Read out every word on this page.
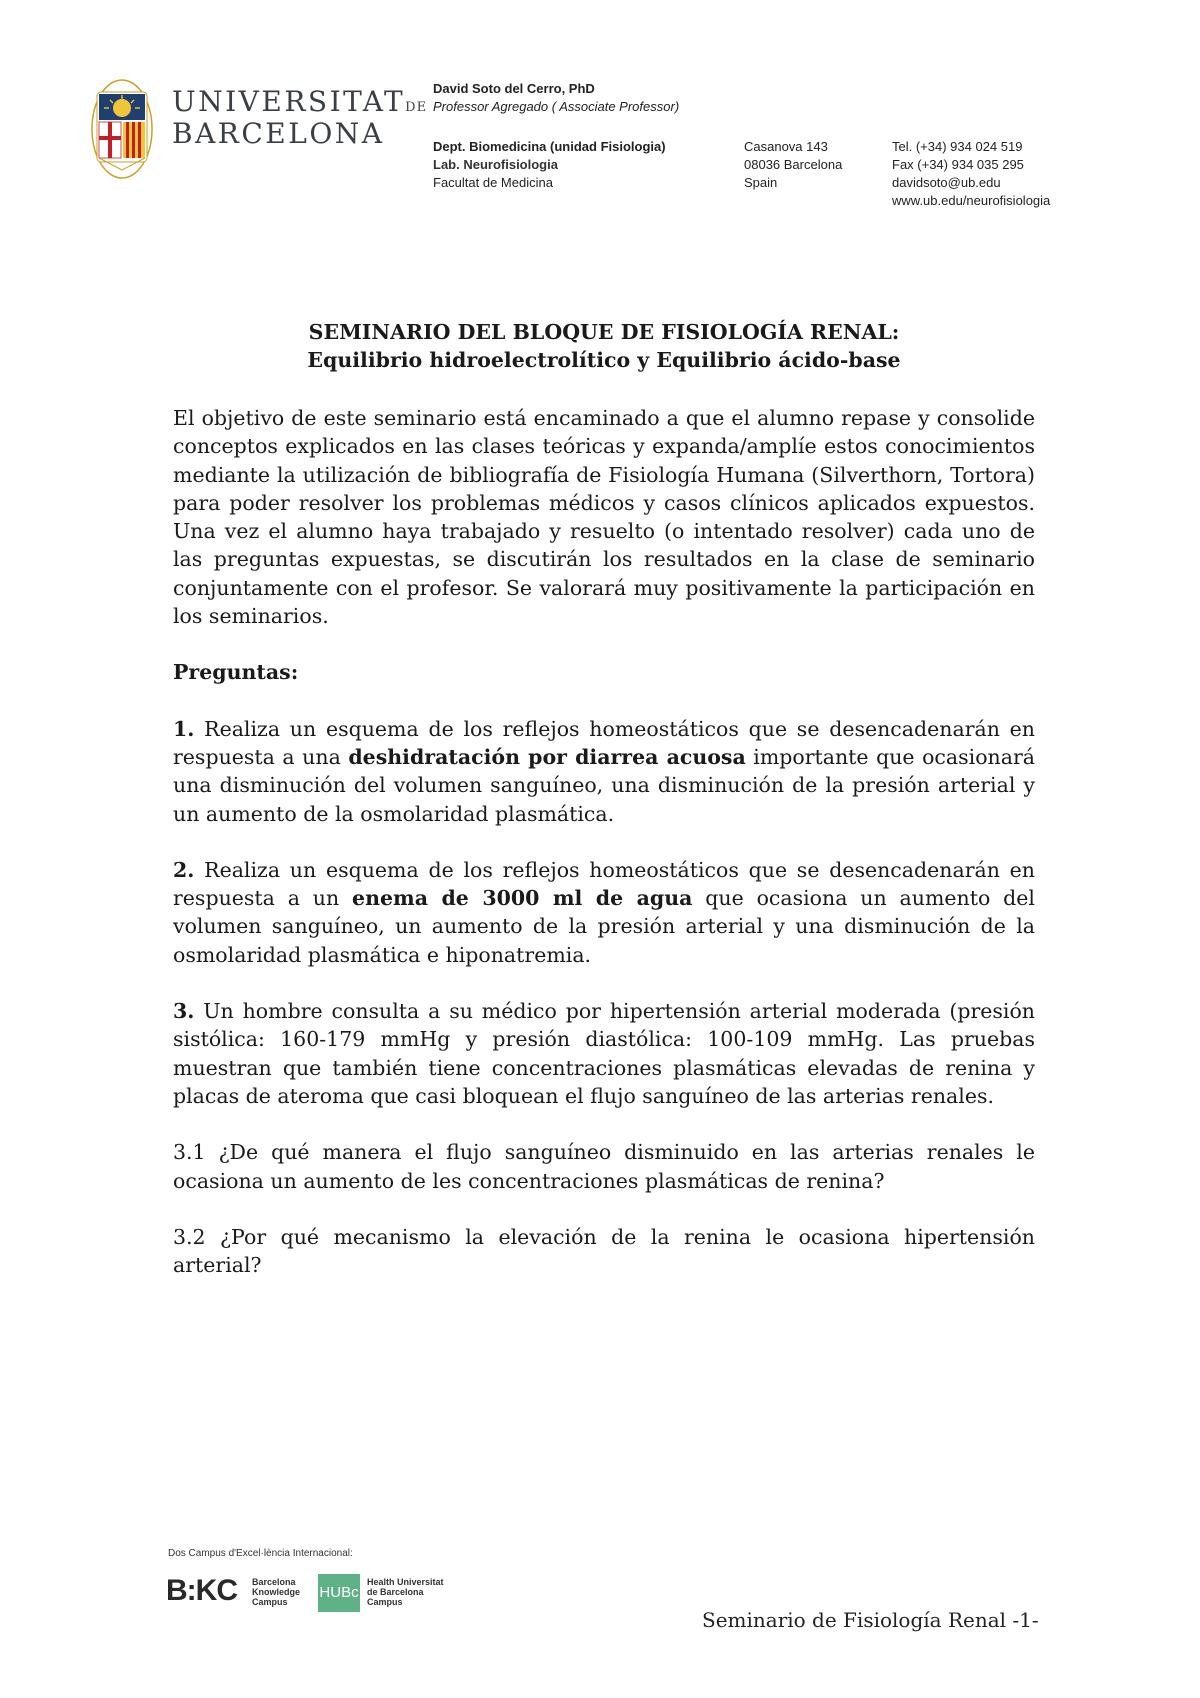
UNIVERSITATDE
BARCELONA
David Soto del Cerro, PhD
Professor Agregado ( Associate Professor)
Dept. Biomedicina (unidad Fisiologia)
Lab. Neurofisiologia
Facultat de Medicina
Casanova 143
08036 Barcelona
Spain
Tel. (+34) 934 024 519
Fax (+34) 934 035 295
davidsoto@ub.edu
www.ub.edu/neurofisiologia

SEMINARIO DEL BLOQUE DE FISIOLOGÍA RENAL:

Equilibrio hidroelectrolítico y Equilibrio ácido-base

El objetivo de este seminario está encaminado a que el alumno repase y consolide conceptos explicados en las clases teóricas y expanda/amplíe estos conocimientos mediante la utilización de bibliografía de Fisiología Humana (Silverthorn, Tortora) para poder resolver los problemas médicos y casos clínicos aplicados expuestos. Una vez el alumno haya trabajado y resuelto (o intentado resolver) cada uno de las preguntas expuestas, se discutirán los resultados en la clase de seminario conjuntamente con el profesor. Se valorará muy positivamente la participación en los seminarios.

Preguntas:

1. Realiza un esquema de los reflejos homeostáticos que se desencadenarán en respuesta a una deshidratación por diarrea acuosa importante que ocasionará una disminución del volumen sanguíneo, una disminución de la presión arterial y un aumento de la osmolaridad plasmática.

2. Realiza un esquema de los reflejos homeostáticos que se desencadenarán en respuesta a un enema de 3000 ml de agua que ocasiona un aumento del volumen sanguíneo, un aumento de la presión arterial y una disminución de la osmolaridad plasmática e hiponatremia.

3. Un hombre consulta a su médico por hipertensión arterial moderada (presión sistólica: 160-179 mmHg y presión diastólica: 100-109 mmHg. Las pruebas muestran que también tiene concentraciones plasmáticas elevadas de renina y placas de ateroma que casi bloquean el flujo sanguíneo de las arterias renales.

3.1 ¿De qué manera el flujo sanguíneo disminuido en las arterias renales le ocasiona un aumento de les concentraciones plasmáticas de renina?

3.2 ¿Por qué mecanismo la elevación de la renina le ocasiona hipertensión arterial?

Dos Campus d'Excel·lència Internacional:
B:KC Barcelona
Knowledge
Campus
HUBc
Health Universitat
de Barcelona
Campus
Seminario de Fisiología Renal -1-
